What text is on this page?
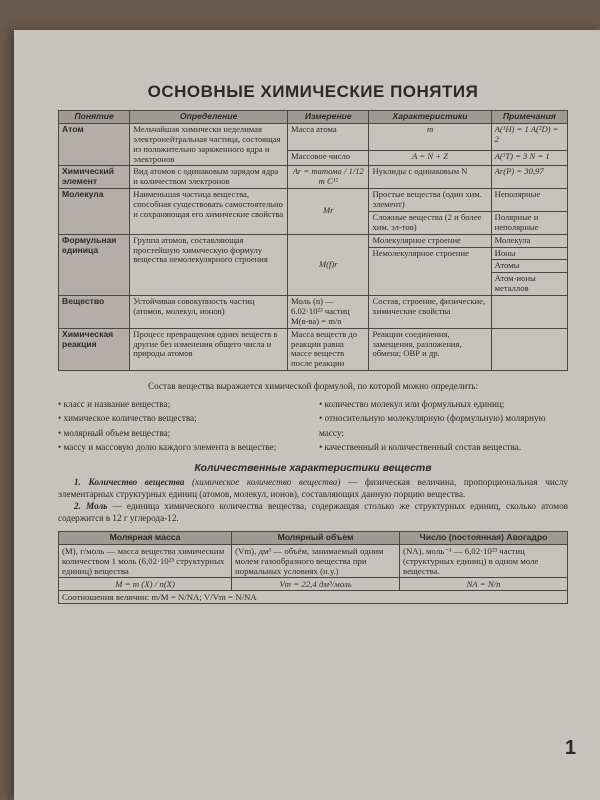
ОСНОВНЫЕ ХИМИЧЕСКИЕ ПОНЯТИЯ
Понятие	Определение	Измерение	Характеристики	Примечания
Атом	Мельчайшая химически неделимая электронейтральная частица, состоящая из положительно заряженного ядра и электронов	Масса атома	m	A(¹H) = 1 A(²D) = 2
		Массовое число	A = N + Z	A(³T) = 3 N = 1
Химический элемент	Вид атомов с одинаковым зарядом ядра и количеством электронов	Ar = mатома / 1/12 m C¹²	Нуклиды с одинаковым N	Ar(P) = 30,97
Молекула	Наименьшая частица вещества, способная существовать самостоятельно и сохраняющая его химические свойства	Mr	Простые вещества (один хим. элемент)	Неполярные
			Сложные вещества (2 и более хим. эл-тов)	Полярные и неполярные
Формульная единица	Группа атомов, составляющая простейшую химическую формулу вещества немолекулярного строения	M(f)r	Молекулярное строение	Молекула
			Немолекулярное строение	Ионы
				Атомы
				Атом-ионы металлов
Вещество	Устойчивая совокупность частиц (атомов, молекул, ионов)	Моль (n) — 6.02·10²³ частиц M(в-ва) = m/n	Состав, строение, физические, химические свойства	
Химическая реакция	Процесс превращения одних веществ в другие без изменения общего числа и природы атомов	Масса веществ до реакции равна массе веществ после реакции	Реакции соединения, замещения, разложения, обмена; ОВР и др.	

Состав вещества выражается химической формулой, по которой можно определить:

• класс и название вещества;
• химическое количество вещества;
• молярный объем вещества;
• массу и массовую долю каждого элемента в веществе;
• количество молекул или формульных единиц;
• относительную молекулярную (формульную) молярную массу;
• качественный и количественный состав вещества.
Количественные характеристики веществ

1. Количество вещества (химическое количество вещества) — физическая величина, пропорциональная числу элементарных структурных единиц (атомов, молекул, ионов), составляющих данную порцию вещества.

2. Моль — единица химического количества вещества, содержащая столько же структурных единиц, сколько атомов содержится в 12 г углерода-12.

Молярная масса	Молярный объем	Число (постоянная) Авогадро
(M), г/моль — масса вещества химическим количеством 1 моль (6,02·10²³ структурных единиц) вещества	(Vm), дм³ — объём, занимаемый одним молем газообразного вещества при нормальных условиях (н.у.)	(NA), моль⁻¹ — 6,02·10²³ частиц (структурных единиц) в одном моле вещества.
M = m (X) / n(X)	Vm = 22,4 дм³/моль	NA = N/n
Соотношения величин: m/M = N/NA; V/Vm = N/NA		
1
